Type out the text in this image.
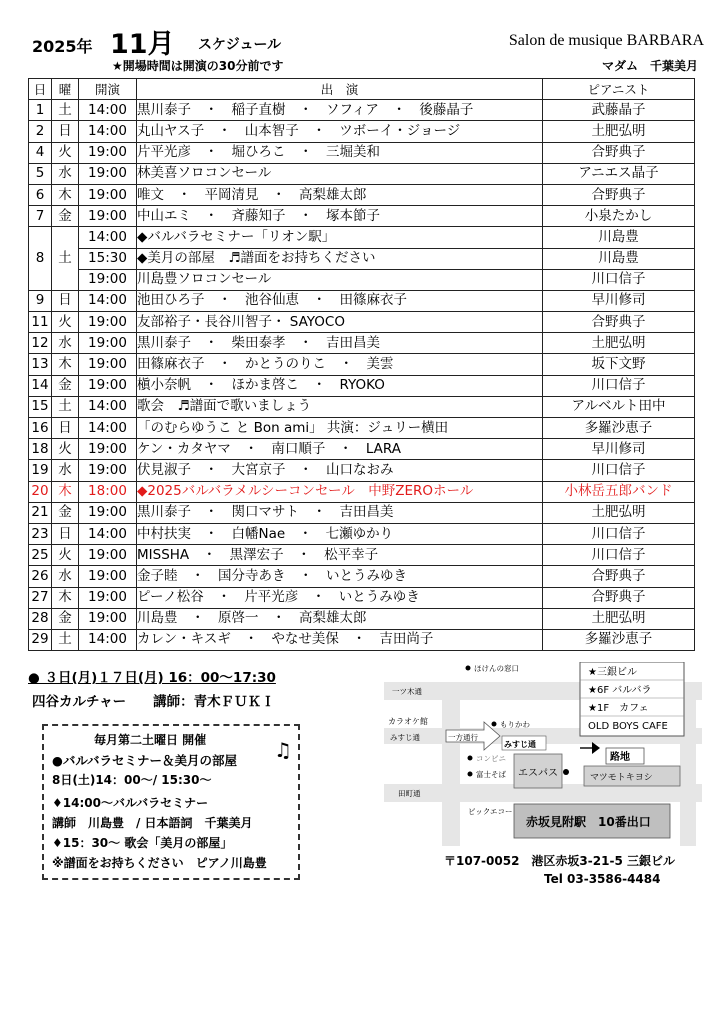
2025年 11月 スケジュール	Salon de musique BARBARA
★開場時間は開演の30分前です	マダム　千葉美月
日	曜	開演	出　演	ピアニスト
1	土	14:00	黒川泰子　・　稲子直樹　・　ソフィア　・　後藤晶子	武藤晶子
2	日	14:00	丸山ヤス子　・　山本智子　・　ツボーイ・ジョージ	土肥弘明
4	火	19:00	片平光彦　・　堀ひろこ　・　三堀美和	合野典子
5	水	19:00	林美喜ソロコンセール	アニエス晶子
6	木	19:00	唯文　・　平岡清見　・　高梨雄太郎	合野典子
7	金	19:00	中山エミ　・　斉藤知子　・　塚本節子	小泉たかし
8	土	14:00	◆バルバラセミナー「リオン駅」	川島豊
		15:30	◆美月の部屋　♬譜面をお持ちください	川島豊
		19:00	川島豊ソロコンセール	川口信子
9	日	14:00	池田ひろ子　・　池谷仙恵　・　田篠麻衣子	早川修司
11	火	19:00	友部裕子・長谷川智子・ SAYOCO	合野典子
12	水	19:00	黒川泰子　・　柴田泰孝　・　吉田昌美	土肥弘明
13	木	19:00	田篠麻衣子　・　かとうのりこ　・　美雲	坂下文野
14	金	19:00	槇小奈帆　・　ほかま啓こ　・　RYOKO	川口信子
15	土	14:00	歌会　♬譜面で歌いましょう	アルベルト田中
16	日	14:00	「のむらゆうこ と Bon ami」 共演：ジュリー横田	多羅沙恵子
18	火	19:00	ケン・カタヤマ　・　南口順子　・　LARA	早川修司
19	水	19:00	伏見淑子　・　大宮京子　・　山口なおみ	川口信子
20	木	18:00	◆2025バルバラメルシーコンセール　中野ZEROホール	小林岳五郎バンド
21	金	19:00	黒川泰子　・　関口マサト　・　吉田昌美	土肥弘明
23	日	14:00	中村扶実　・　白幡Nae　・　七瀬ゆかり	川口信子
25	火	19:00	MISSHA　・　黒澤宏子　・　松平幸子	川口信子
26	水	19:00	金子睦　・　国分寺あき　・　いとうみゆき	合野典子
27	木	19:00	ピーノ松谷　・　片平光彦　・　いとうみゆき	合野典子
28	金	19:00	川島豊　・　原啓一　・　高梨雄太郎	土肥弘明
29	土	14:00	カレン・キスギ　・　やなせ美保　・　吉田尚子	多羅沙恵子
● ３日(月)１７日(月) 16：00〜17:30
四谷カルチャー　　講師：青木ＦＵＫＩ
毎月第二土曜日 開催
●バルバラセミナー＆美月の部屋 ♫
8日(土)14：00〜/ 15:30〜
♦14:00〜バルバラセミナー
講師　川島豊　/ 日本語詞　千葉美月
♦15：30〜 歌会「美月の部屋」
※譜面をお持ちください　ピアノ川島豊
★三銀ビル
★6F バルバラ
★1F　カフェ
OLD BOYS CAFE
一ツ木通
みすじ通	一方通行
みすじ通
田町通
ほけんの窓口
もりかわ
カラオケ館
コンビニ
富士そば エスパス	マツモトキヨシ
ビックエコー
路地
赤坂見附駅　10番出口
〒107-0052　港区赤坂3-21-5 三銀ビル
Tel 03-3586-4484
